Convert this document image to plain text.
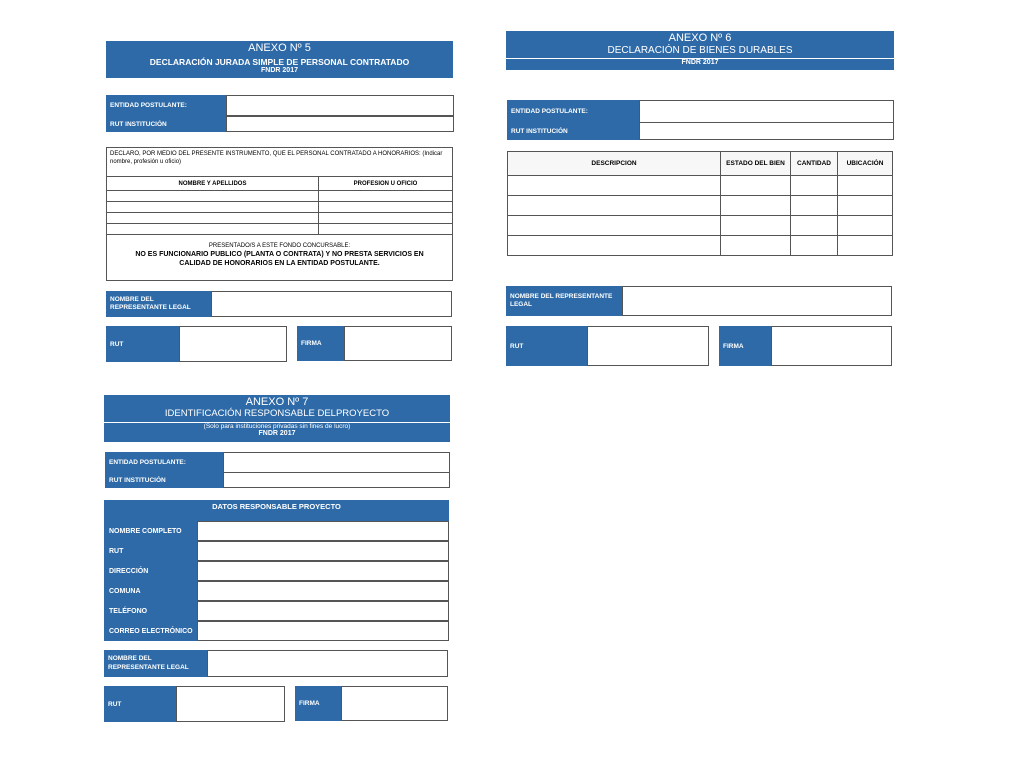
ANEXO Nº 5
DECLARACIÓN JURADA SIMPLE DE PERSONAL CONTRATADO
FNDR 2017
ENTIDAD POSTULANTE:
RUT INSTITUCIÓN
DECLARO, POR MEDIO DEL PRESENTE INSTRUMENTO, QUE EL PERSONAL CONTRATADO A HONORARIOS: (Indicar nombre, profesión u oficio)
NOMBRE Y APELLIDOS	PROFESION U OFICIO

PRESENTADO/S A ESTE FONDO CONCURSABLE:
NO ES FUNCIONARIO PUBLICO (PLANTA O CONTRATA) Y NO PRESTA SERVICIOS EN CALIDAD DE HONORARIOS EN LA ENTIDAD POSTULANTE.
NOMBRE DEL REPRESENTANTE LEGAL
RUT	FIRMA
ANEXO Nº 6
DECLARACIÓN DE BIENES DURABLES
FNDR 2017
ENTIDAD POSTULANTE:
RUT INSTITUCIÓN
DESCRIPCION	ESTADO DEL BIEN	CANTIDAD	UBICACIÓN

NOMBRE DEL REPRESENTANTE LEGAL
RUT	FIRMA
ANEXO Nº 7
IDENTIFICACIÓN RESPONSABLE DELPROYECTO
(Solo para instituciones privadas sin fines de lucro)
FNDR 2017
ENTIDAD POSTULANTE:
RUT INSTITUCIÓN
DATOS RESPONSABLE PROYECTO
NOMBRE COMPLETO
RUT
DIRECCIÓN
COMUNA
TELÉFONO
CORREO ELECTRÓNICO
NOMBRE DEL REPRESENTANTE LEGAL
RUT	FIRMA
